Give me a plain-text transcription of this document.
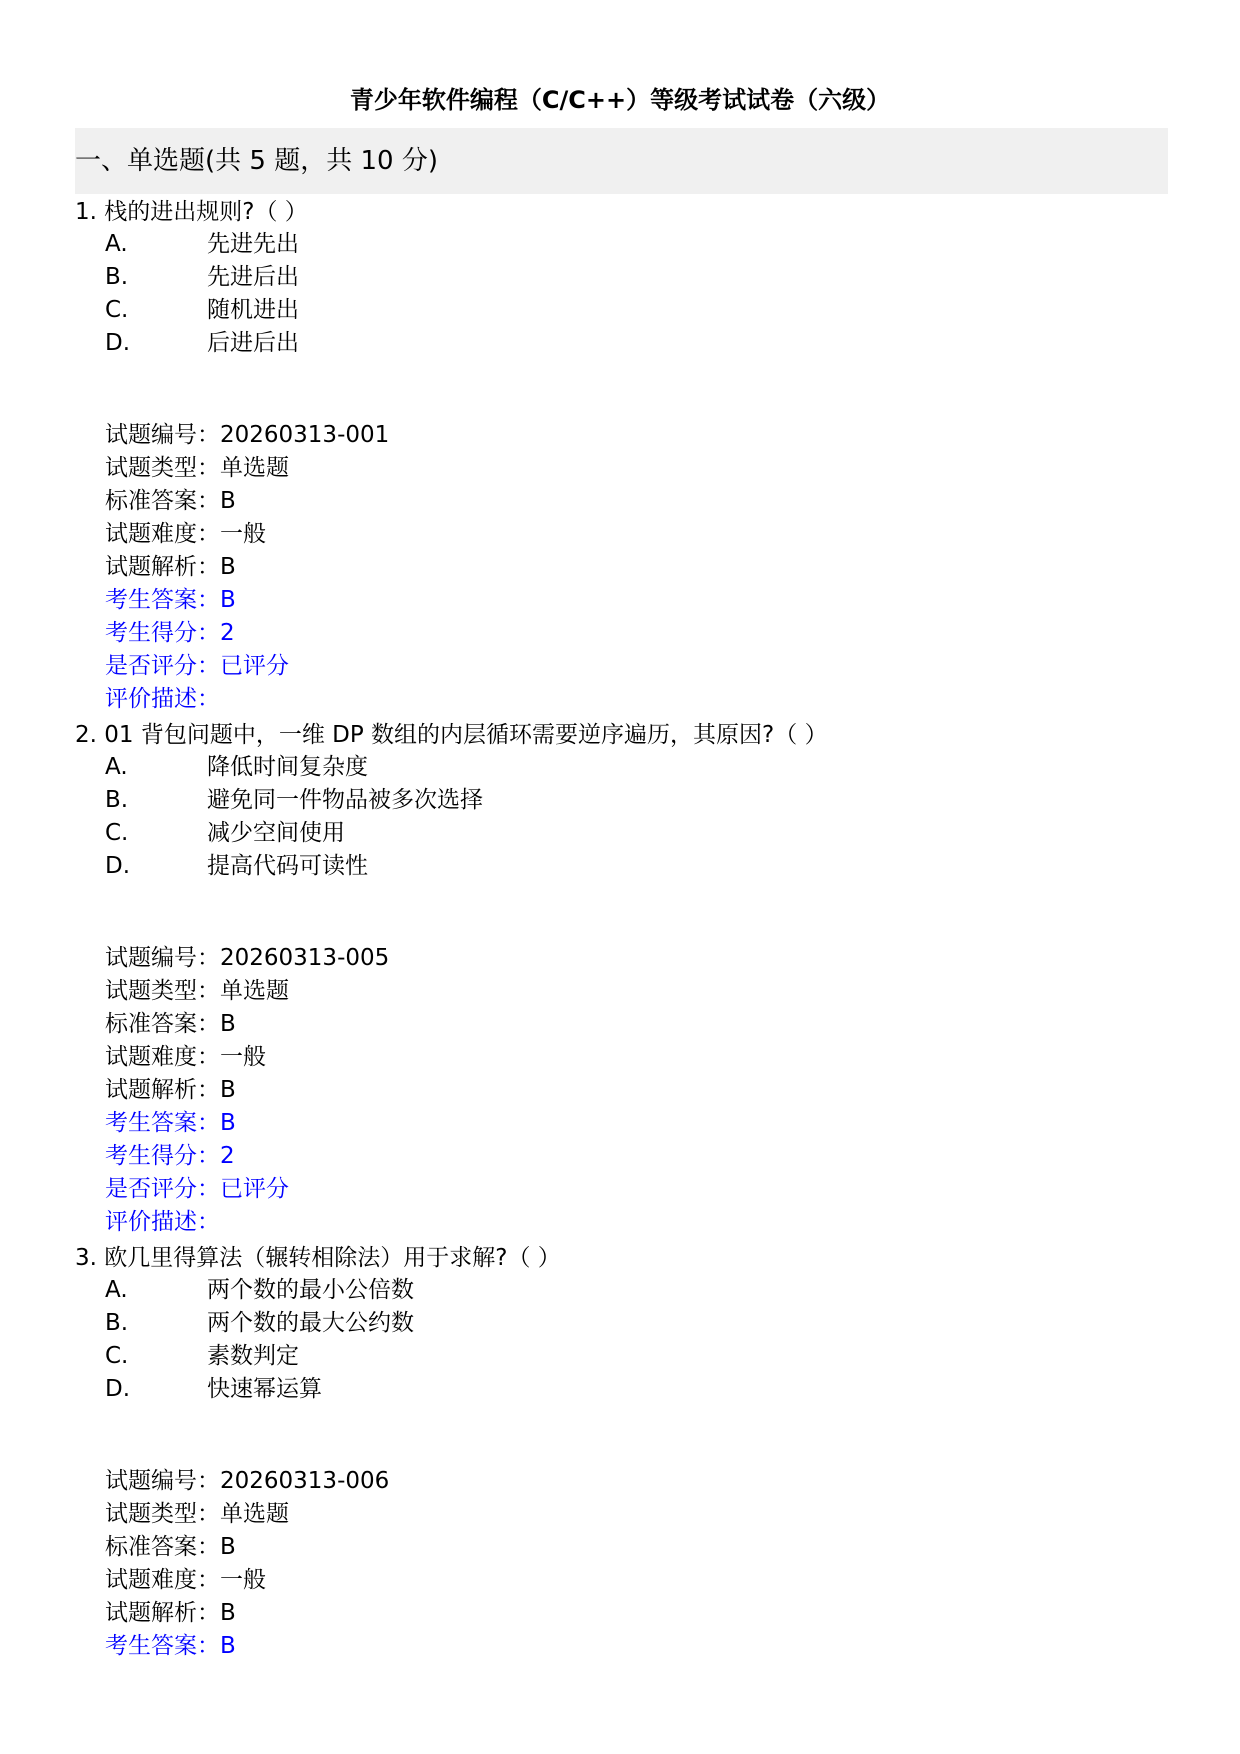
青少年软件编程（C/C++）等级考试试卷（六级）
一、单选题(共 5 题，共 10 分)
1. 栈的进出规则?（ ）
A.	先进先出
B.	先进后出
C.	随机进出
D.	后进后出
试题编号：20260313-001
试题类型：单选题
标准答案：B
试题难度：一般
试题解析：B
考生答案：B
考生得分：2
是否评分：已评分
评价描述：
2. 01 背包问题中，一维 DP 数组的内层循环需要逆序遍历，其原因?（ ）
A.	降低时间复杂度
B.	避免同一件物品被多次选择
C.	减少空间使用
D.	提高代码可读性
试题编号：20260313-005
试题类型：单选题
标准答案：B
试题难度：一般
试题解析：B
考生答案：B
考生得分：2
是否评分：已评分
评价描述：
3. 欧几里得算法（辗转相除法）用于求解?（ ）
A.	两个数的最小公倍数
B.	两个数的最大公约数
C.	素数判定
D.	快速幂运算
试题编号：20260313-006
试题类型：单选题
标准答案：B
试题难度：一般
试题解析：B
考生答案：B
